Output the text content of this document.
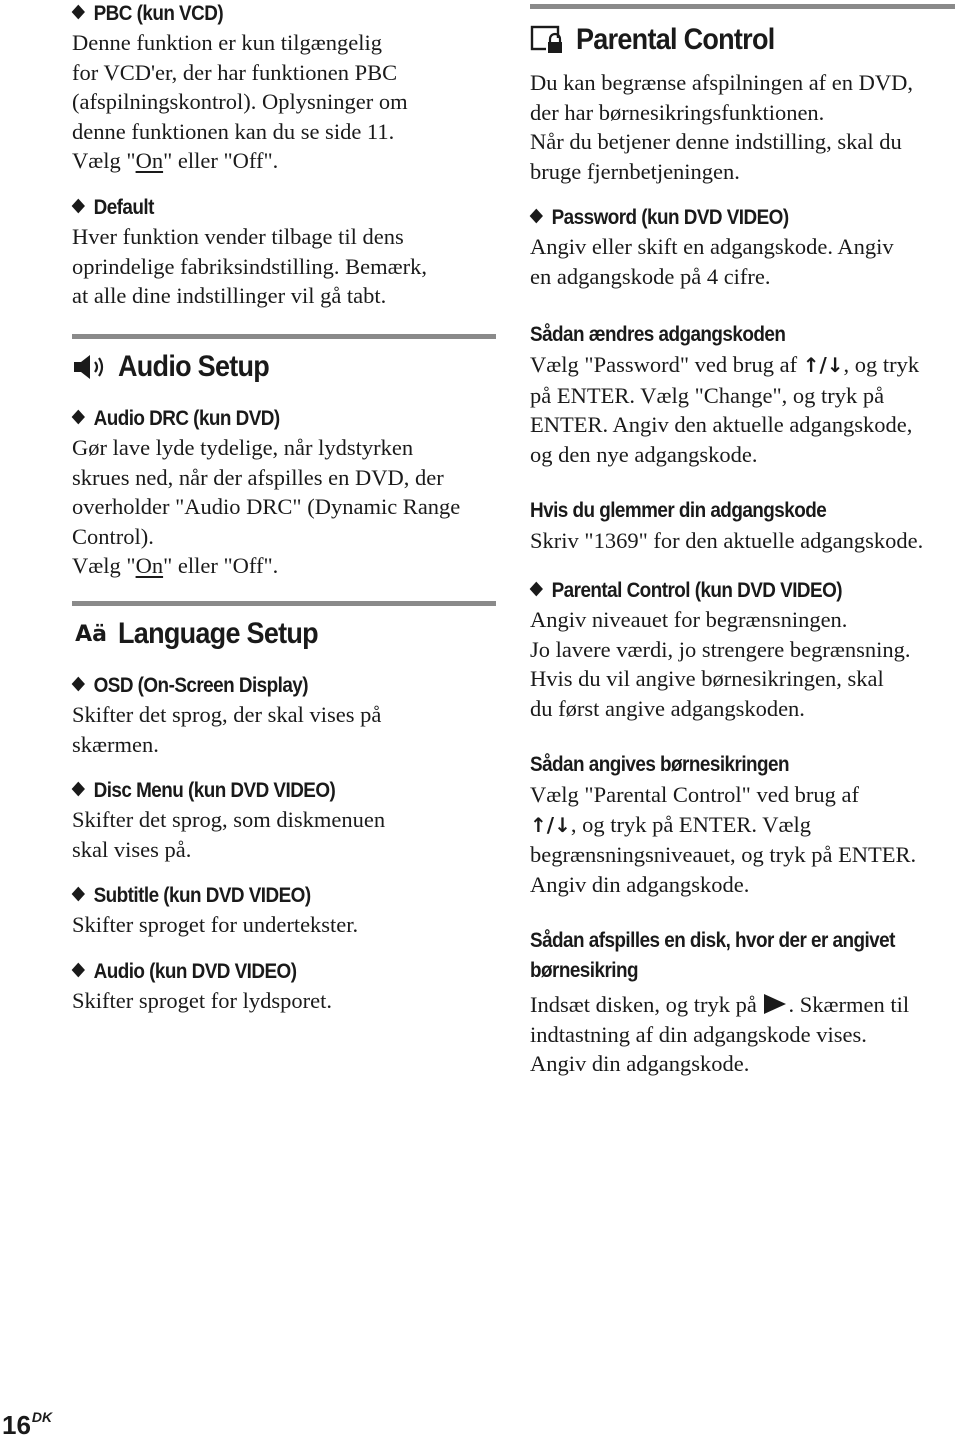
PBC (kun VCD)

Denne funktion er kun tilgængelig

for VCD'er, der har funktionen PBC

(afspilningskontrol). Oplysninger om

denne funktionen kan du se side 11.

Vælg "On" eller "Off".

Default

Hver funktion vender tilbage til dens

oprindelige fabriksindstilling. Bemærk,

at alle dine indstillinger vil gå tabt.

Audio Setup

Audio DRC (kun DVD)

Gør lave lyde tydelige, når lydstyrken

skrues ned, når der afspilles en DVD, der

overholder "Audio DRC" (Dynamic Range

Control).

Vælg "On" eller "Off".

Aä Language Setup

OSD (On-Screen Display)

Skifter det sprog, der skal vises på

skærmen.

Disc Menu (kun DVD VIDEO)

Skifter det sprog, som diskmenuen

skal vises på.

Subtitle (kun DVD VIDEO)

Skifter sproget for undertekster.

Audio (kun DVD VIDEO)

Skifter sproget for lydsporet.

Parental Control

Du kan begrænse afspilningen af en DVD,

der har børnesikringsfunktionen.

Når du betjener denne indstilling, skal du

bruge fjernbetjeningen.

Password (kun DVD VIDEO)

Angiv eller skift en adgangskode. Angiv

en adgangskode på 4 cifre.

Sådan ændres adgangskoden

Vælg "Password" ved brug af ↑/↓, og tryk

på ENTER. Vælg "Change", og tryk på

ENTER. Angiv den aktuelle adgangskode,

og den nye adgangskode.

Hvis du glemmer din adgangskode

Skriv "1369" for den aktuelle adgangskode.

Parental Control (kun DVD VIDEO)

Angiv niveauet for begrænsningen.

Jo lavere værdi, jo strengere begrænsning.

Hvis du vil angive børnesikringen, skal

du først angive adgangskoden.

Sådan angives børnesikringen

Vælg "Parental Control" ved brug af

↑/↓, og tryk på ENTER. Vælg

begrænsningsniveauet, og tryk på ENTER.

Angiv din adgangskode.

Sådan afspilles en disk, hvor der er angivet

børnesikring

Indsæt disken, og tryk på . Skærmen til

indtastning af din adgangskode vises.

Angiv din adgangskode.

$16^{DK}$
